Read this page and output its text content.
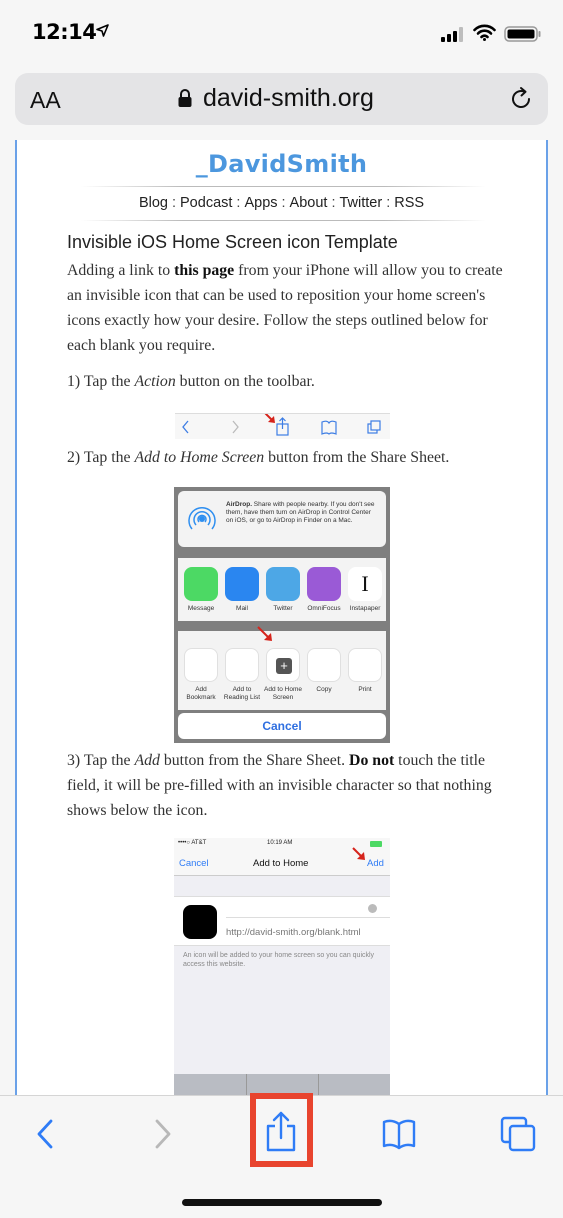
12:14
AA	david-smith.org
_DavidSmith
Blog : Podcast : Apps : About : Twitter : RSS
Invisible iOS Home Screen icon Template
Adding a link to this page from your iPhone will allow you to create an invisible icon that can be used to reposition your home screen's icons exactly how your desire. Follow the steps outlined below for each blank you require.
1) Tap the Action button on the toolbar.
2) Tap the Add to Home Screen button from the Share Sheet.
AirDrop. Share with people nearby. If you don't see them, have them turn on AirDrop in Control Center on iOS, or go to AirDrop in Finder on a Mac.
Message	Mail	Twitter	OmniFocus
I
Instapaper
Add Bookmark
Add to Reading List
+
Add to Home Screen
Copy	Print
Cancel
3) Tap the Add button from the Share Sheet. Do not touch the title field, it will be pre-filled with an invisible character so that nothing shows below the icon.
••••○ AT&T	10:19 AM
Cancel	Add to Home	Add
http://david-smith.org/blank.html
An icon will be added to your home screen so you can quickly access this website.
